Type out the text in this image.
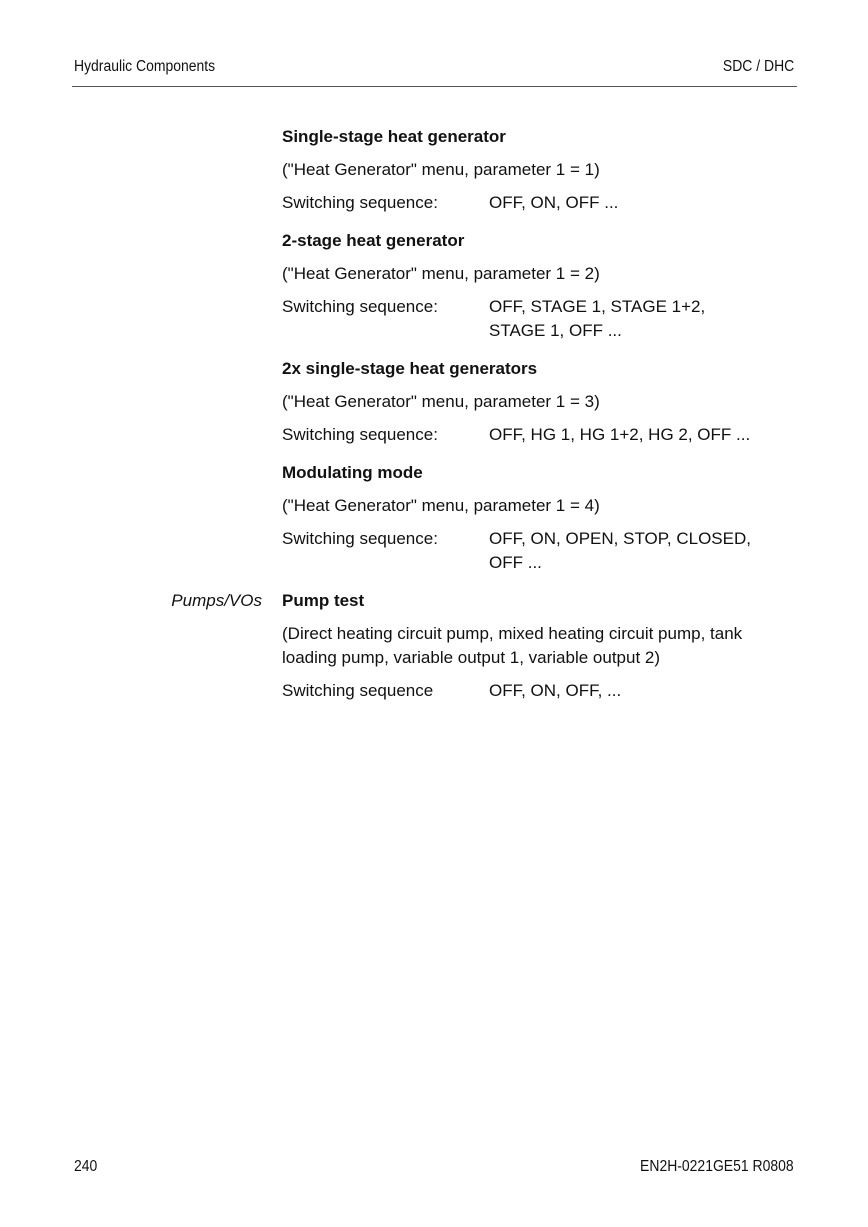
Hydraulic Components	SDC / DHC
Single-stage heat generator
("Heat Generator" menu, parameter 1 = 1)
Switching sequence:	OFF, ON, OFF ...
2-stage heat generator
("Heat Generator" menu, parameter 1 = 2)
Switching sequence:	OFF, STAGE 1, STAGE 1+2,
STAGE 1, OFF ...
2x single-stage heat generators
("Heat Generator" menu, parameter 1 = 3)
Switching sequence:	OFF, HG 1, HG 1+2, HG 2, OFF ...
Modulating mode
("Heat Generator" menu, parameter 1 = 4)
Switching sequence:	OFF, ON, OPEN, STOP, CLOSED,
OFF ...
Pumps/VOs Pump test
(Direct heating circuit pump, mixed heating circuit pump, tank
loading pump, variable output 1, variable output 2)
Switching sequence	OFF, ON, OFF, ...
240	EN2H-0221GE51 R0808
